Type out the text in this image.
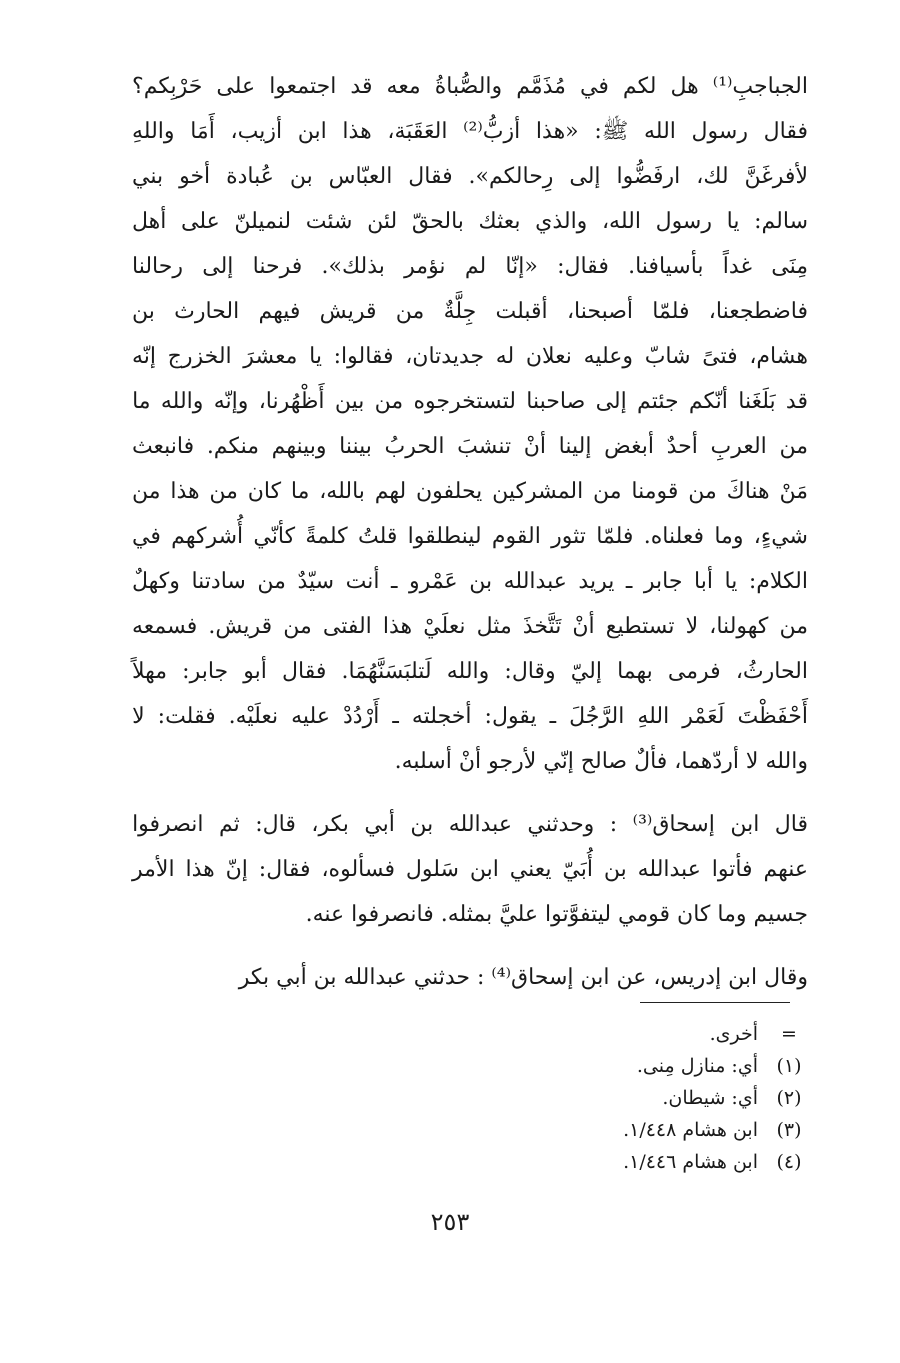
الجباجبِ⁽¹⁾ هل لكم في مُذَمَّم والصُّباةُ معه قد اجتمعوا على حَرْبِكم؟
فقال رسول الله ﷺ: «هذا أزبُّ⁽²⁾ العَقَبَة، هذا ابن أزيب، أَمَا واللهِ
لأفرغَنَّ لك، ارفَضُّوا إلى رِحالكم». فقال العبّاس بن عُبادة أخو بني
سالم: يا رسول الله، والذي بعثك بالحقّ لئن شئت لنميلنّ على أهل
مِنَى غداً بأسيافنا. فقال: «إنّا لم نؤمر بذلك». فرحنا إلى رحالنا
فاضطجعنا، فلمّا أصبحنا، أقبلت جِلَّةٌ من قريش فيهم الحارث بن
هشام، فتىً شابّ وعليه نعلان له جديدتان، فقالوا: يا معشرَ الخزرج إنّه
قد بَلَغَنا أنّكم جئتم إلى صاحبنا لتستخرجوه من بين أَظْهُرنا، وإنّه والله ما
من العربِ أحدٌ أبغض إلينا أنْ تنشبَ الحربُ بيننا وبينهم منكم. فانبعث
مَنْ هناكَ من قومنا من المشركين يحلفون لهم بالله، ما كان من هذا من
شيءٍ، وما فعلناه. فلمّا تثور القوم لينطلقوا قلتُ كلمةً كأنّي أُشركهم في
الكلام: يا أبا جابر ـ يريد عبدالله بن عَمْرو ـ أنت سيّدٌ من سادتنا وكهلٌ
من كهولنا، لا تستطيع أنْ تَتَّخذَ مثل نعلَيْ هذا الفتى من قريش. فسمعه
الحارثُ، فرمى بهما إليّ وقال: والله لَتلبَسَنَّهُمَا. فقال أبو جابر: مهلاً
أَحْفَظْتَ لَعَمْر اللهِ الرَّجُلَ ـ يقول: أخجلته ـ أَرْدُدْ عليه نعلَيْه. فقلت: لا
والله لا أردّهما، فألٌ صالح إنّي لأرجو أنْ أسلبه.
قال ابن إسحاق⁽³⁾ : وحدثني عبدالله بن أبي بكر، قال: ثم انصرفوا
عنهم فأتوا عبدالله بن أُبَيّ يعني ابن سَلول فسألوه، فقال: إنّ هذا الأمر
جسيم وما كان قومي ليتفوَّتوا عليَّ بمثله. فانصرفوا عنه.
وقال ابن إدريس، عن ابن إسحاق⁽⁴⁾ : حدثني عبدالله بن أبي بكر
=
أخرى.
(١)
أي: منازل مِنى.
(٢)
أي: شيطان.
(٣)
ابن هشام ١/٤٤٨.
(٤)
ابن هشام ١/٤٤٦.
٢٥٣
